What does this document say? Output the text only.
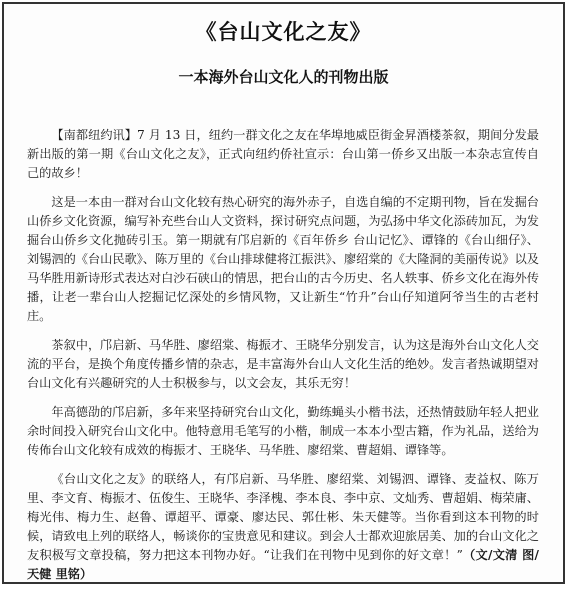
《台山文化之友》
一本海外台山文化人的刊物出版

【南都纽约讯】7 月 13 日，纽约一群文化之友在华埠地威臣街金昇酒楼茶叙，期间分发最新出版的第一期《台山文化之友》，正式向纽约侨社宣示：台山第一侨乡又出版一本杂志宣传自己的故乡！

这是一本由一群对台山文化较有热心研究的海外赤子，自选自编的不定期刊物，旨在发掘台山侨乡文化资源，编写补充些台山人文资料，探讨研究点问题，为弘扬中华文化添砖加瓦，为发掘台山侨乡文化抛砖引玉。第一期就有邝启新的《百年侨乡 台山记忆》、谭锋的《台山细仔》、刘锡泗的《台山民歌》、陈万里的《台山排球健将江振洪》、廖绍棠的《大隆洞的美丽传说》以及马华胜用新诗形式表达对白沙石硖山的情思，把台山的古今历史、名人轶事、侨乡文化在海外传播，让老一辈台山人挖掘记忆深处的乡情风物，又让新生“竹升”台山仔知道阿爷当生的古老村庄。

茶叙中，邝启新、马华胜、廖绍棠、梅振才、王晓华分别发言，认为这是海外台山文化人交流的平台，是换个角度传播乡情的杂志，是丰富海外台山人文化生活的绝妙。发言者热诚期望对台山文化有兴趣研究的人士积极参与，以文会友，其乐无穷！

年高德劭的邝启新，多年来坚持研究台山文化，勤练蝇头小楷书法，还热情鼓励年轻人把业余时间投入研究台山文化中。他特意用毛笔写的小楷，制成一本本小型古籍，作为礼品，送给为传佈台山文化较有成效的梅振才、王晓华、马华胜、廖绍棠、曹超娟、谭锋等。

《台山文化之友》的联络人，有邝启新、马华胜、廖绍棠、刘锡泗、谭锋、麦益权、陈万里、李文育、梅振才、伍俊生、王晓华、李泽槐、李本良、李中京、文灿秀、曹超娟、梅荣庸、梅光伟、梅力生、赵鲁、谭超平、谭豪、廖达民、郭仕彬、朱天健等。当你看到这本刊物的时候，请致电上列的联络人，畅谈你的宝贵意见和建议。到会人士都欢迎旅居美、加的台山文化之友积极写文章投稿，努力把这本刊物办好。“让我们在刊物中见到你的好文章！”（文/文清 图/天健 里铭）
